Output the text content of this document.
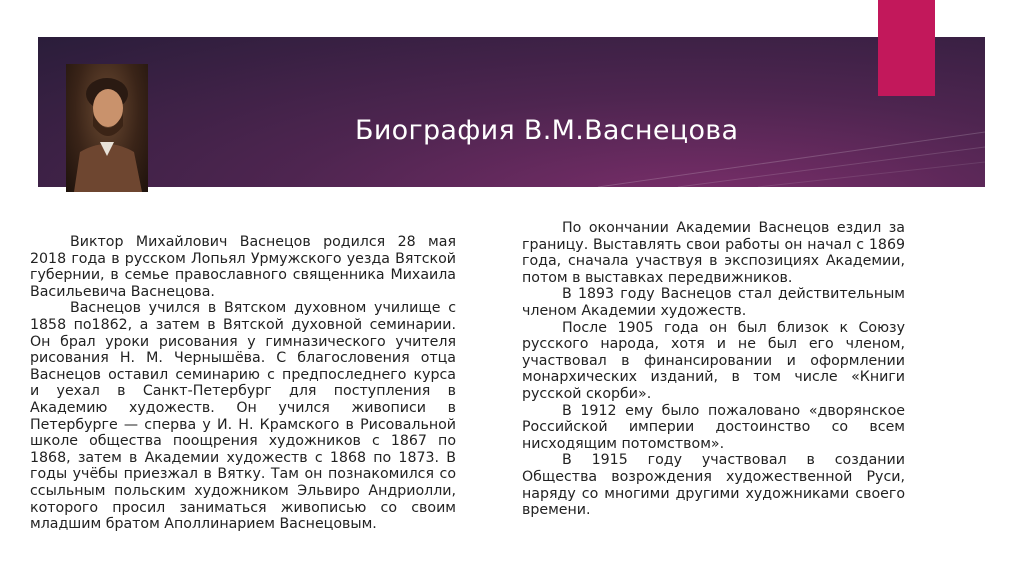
Биография В.М.Васнецова

Виктор Михайлович Васнецов родился 28 мая 2018 года в русском Лопьял Урмужского уезда Вятской губернии, в семье православного священника Михаила Васильевича Васнецова.

Васнецов учился в Вятском духовном училище с 1858 по1862, а затем в Вятской духовной семинарии. Он брал уроки рисования у гимназического учителя рисования Н. М. Чернышёва. С благословения отца Васнецов оставил семинарию с предпоследнего курса и уехал в Санкт-Петербург для поступления в Академию художеств. Он учился живописи в Петербурге — сперва у И. Н. Крамского в Рисовальной школе общества поощрения художников с 1867 по 1868, затем в Академии художеств с 1868 по 1873. В годы учёбы приезжал в Вятку. Там он познакомился со ссыльным польским художником Эльвиро Андриолли, которого просил заниматься живописью со своим младшим братом Аполлинарием Васнецовым.

По окончании Академии Васнецов ездил за границу. Выставлять свои работы он начал с 1869 года, сначала участвуя в экспозициях Академии, потом в выставках передвижников.

В 1893 году Васнецов стал действительным членом Академии художеств.

После 1905 года он был близок к Союзу русского народа, хотя и не был его членом, участвовал в финансировании и оформлении монархических изданий, в том числе «Книги русской скорби».

В 1912 ему было пожаловано «дворянское Российской империи достоинство со всем нисходящим потомством».

В 1915 году участвовал в создании Общества возрождения художественной Руси, наряду со многими другими художниками своего времени.
